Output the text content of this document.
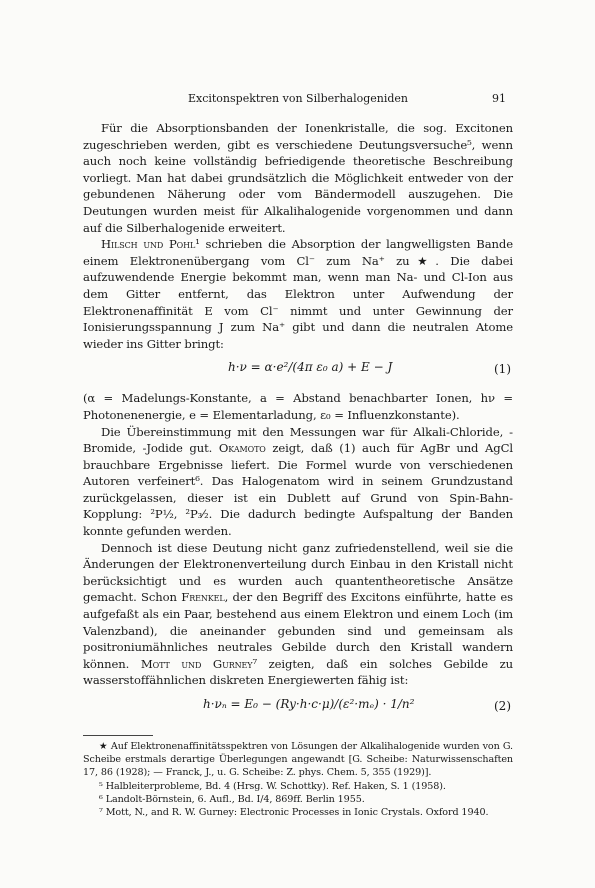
Excitonspektren von Silberhalogeniden	91

Für die Absorptionsbanden der Ionenkristalle, die sog. Excitonen zugeschrieben werden, gibt es verschiedene Deutungsversuche⁵, wenn auch noch keine vollständig befriedigende theoretische Beschreibung vorliegt. Man hat dabei grundsätzlich die Möglichkeit entweder von der gebundenen Näherung oder vom Bändermodell auszugehen. Die Deutungen wurden meist für Alkalihalogenide vorgenommen und dann auf die Silberhalogenide erweitert.

Hilsch und Pohl¹ schrieben die Absorption der langwelligsten Bande einem Elektronenübergang vom Cl⁻ zum Na⁺ zu★. Die dabei aufzuwendende Energie bekommt man, wenn man Na- und Cl-Ion aus dem Gitter entfernt, das Elektron unter Aufwendung der Elektronenaffinität E vom Cl⁻ nimmt und unter Gewinnung der Ionisierungsspannung J zum Na⁺ gibt und dann die neutralen Atome wieder ins Gitter bringt:

h·ν = α·e²/(4π ε₀ a) + E − J	(1)

(α = Madelungs-Konstante, a = Abstand benachbarter Ionen, hν = Photonenenergie, e = Elementarladung, ε₀ = Influenzkonstante).

Die Übereinstimmung mit den Messungen war für Alkali-Chloride, -Bromide, -Jodide gut. Okamoto zeigt, daß (1) auch für AgBr und AgCl brauchbare Ergebnisse liefert. Die Formel wurde von verschiedenen Autoren verfeinert⁶. Das Halogenatom wird in seinem Grundzustand zurückgelassen, dieser ist ein Dublett auf Grund von Spin-Bahn-Kopplung: ²P½, ²P₃⁄₂. Die dadurch bedingte Aufspaltung der Banden konnte gefunden werden.

Dennoch ist diese Deutung nicht ganz zufriedenstellend, weil sie die Änderungen der Elektronenverteilung durch Einbau in den Kristall nicht berücksichtigt und es wurden auch quantentheoretische Ansätze gemacht. Schon Frenkel, der den Begriff des Excitons einführte, hatte es aufgefaßt als ein Paar, bestehend aus einem Elektron und einem Loch (im Valenzband), die aneinander gebunden sind und gemeinsam als positroniumähnliches neutrales Gebilde durch den Kristall wandern können. Mott und Gurney⁷ zeigten, daß ein solches Gebilde zu wasserstoffähnlichen diskreten Energiewerten fähig ist:

h·νₙ = E₀ − (Ry·h·c·μ)/(ε²·mₑ) · 1/n²	(2)

★ Auf Elektronenaffinitätsspektren von Lösungen der Alkalihalogenide wurden von G. Scheibe erstmals derartige Überlegungen angewandt [G. Scheibe: Naturwissenschaften 17, 86 (1928); — Franck, J., u. G. Scheibe: Z. phys. Chem. 5, 355 (1929)].

⁵ Halbleiterprobleme, Bd. 4 (Hrsg. W. Schottky). Ref. Haken, S. 1 (1958).

⁶ Landolt-Börnstein, 6. Aufl., Bd. I/4, 869ff. Berlin 1955.

⁷ Mott, N., and R. W. Gurney: Electronic Processes in Ionic Crystals. Oxford 1940.
